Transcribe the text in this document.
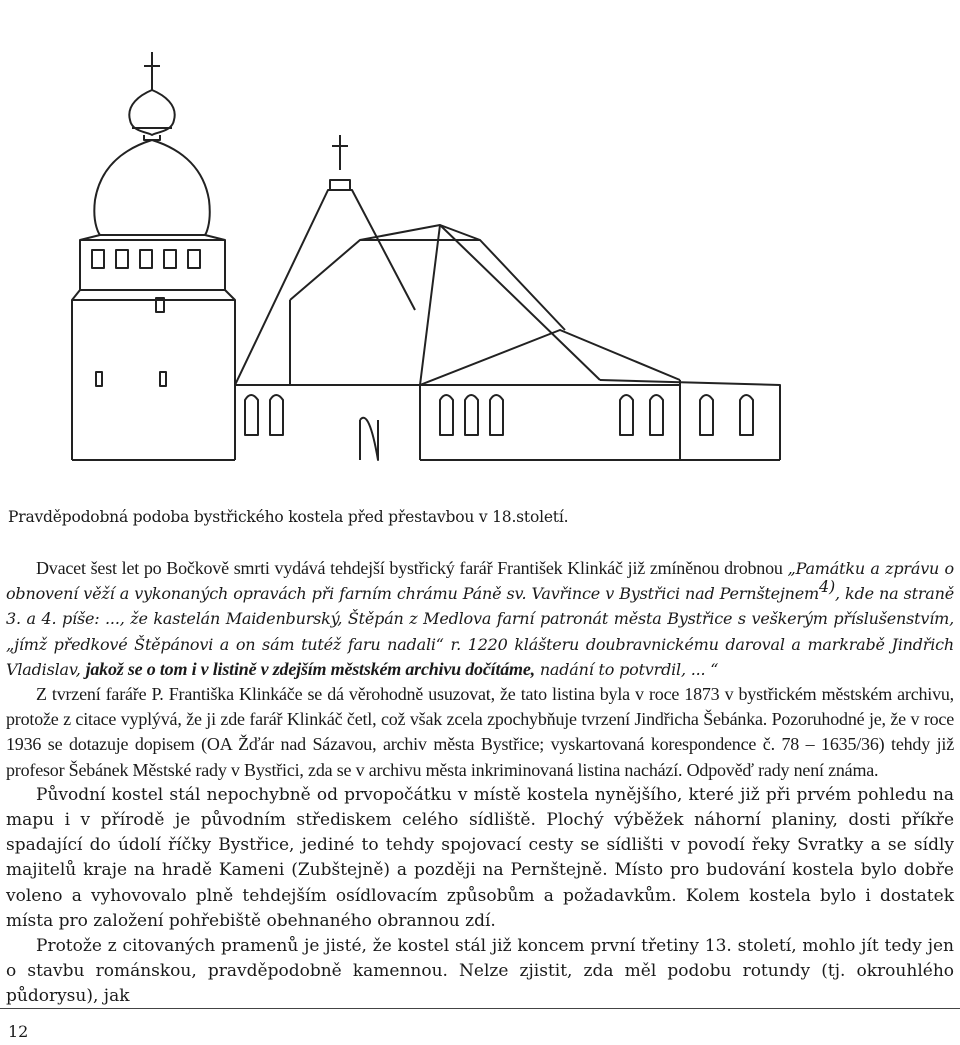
Pravděpodobná podoba bystřického kostela před přestavbou v 18.století.

Dvacet šest let po Bočkově smrti vydává tehdejší bystřický farář František Klinkáč již zmíněnou drobnou „Památku a zprávu o obnovení věží a vykonaných opravách při farním chrámu Páně sv. Vavřince v Bystřici nad Pernštejnem$^{4)}$, kde na straně 3. a 4. píše: ..., že kastelán Maidenburský, Štěpán z Medlova farní patronát města Bystřice s veškerým příslušenstvím, „jímž předkové Štěpánovi a on sám tutéž faru nadali“ r. 1220 klášteru doubravnickému daroval a markrabě Jindřich Vladislav, jakož se o tom i v listině v zdejším městském archivu dočítáme, nadání to potvrdil, ... “

Z tvrzení faráře P. Františka Klinkáče se dá věrohodně usuzovat, že tato listina byla v roce 1873 v bystřickém městském archivu, protože z citace vyplývá, že ji zde farář Klinkáč četl, což však zcela zpochybňuje tvrzení Jindřicha Šebánka. Pozoruhodné je, že v roce 1936 se dotazuje dopisem (OA Žďár nad Sázavou, archiv města Bystřice; vyskartovaná korespondence č. 78 – 1635/36) tehdy již profesor Šebánek Městské rady v Bystřici, zda se v archivu města inkriminovaná listina nachází. Odpověď rady není známa.

Původní kostel stál nepochybně od prvopočátku v místě kostela nynějšího, které již při prvém pohledu na mapu i v přírodě je původním střediskem celého sídliště. Plochý výběžek náhorní planiny, dosti příkře spadající do údolí říčky Bystřice, jediné to tehdy spojovací cesty se sídlišti v povodí řeky Svratky a se sídly majitelů kraje na hradě Kameni (Zubštejně) a později na Pernštejně. Místo pro budování kostela bylo dobře voleno a vyhovovalo plně tehdejším osídlovacím způsobům a požadavkům. Kolem kostela bylo i dostatek místa pro založení pohřebiště obehnaného obrannou zdí.

Protože z citovaných pramenů je jisté, že kostel stál již koncem první třetiny 13. století, mohlo jít tedy jen o stavbu románskou, pravděpodobně kamennou. Nelze zjistit, zda měl podobu rotundy (tj. okrouhlého půdorysu), jak

12
